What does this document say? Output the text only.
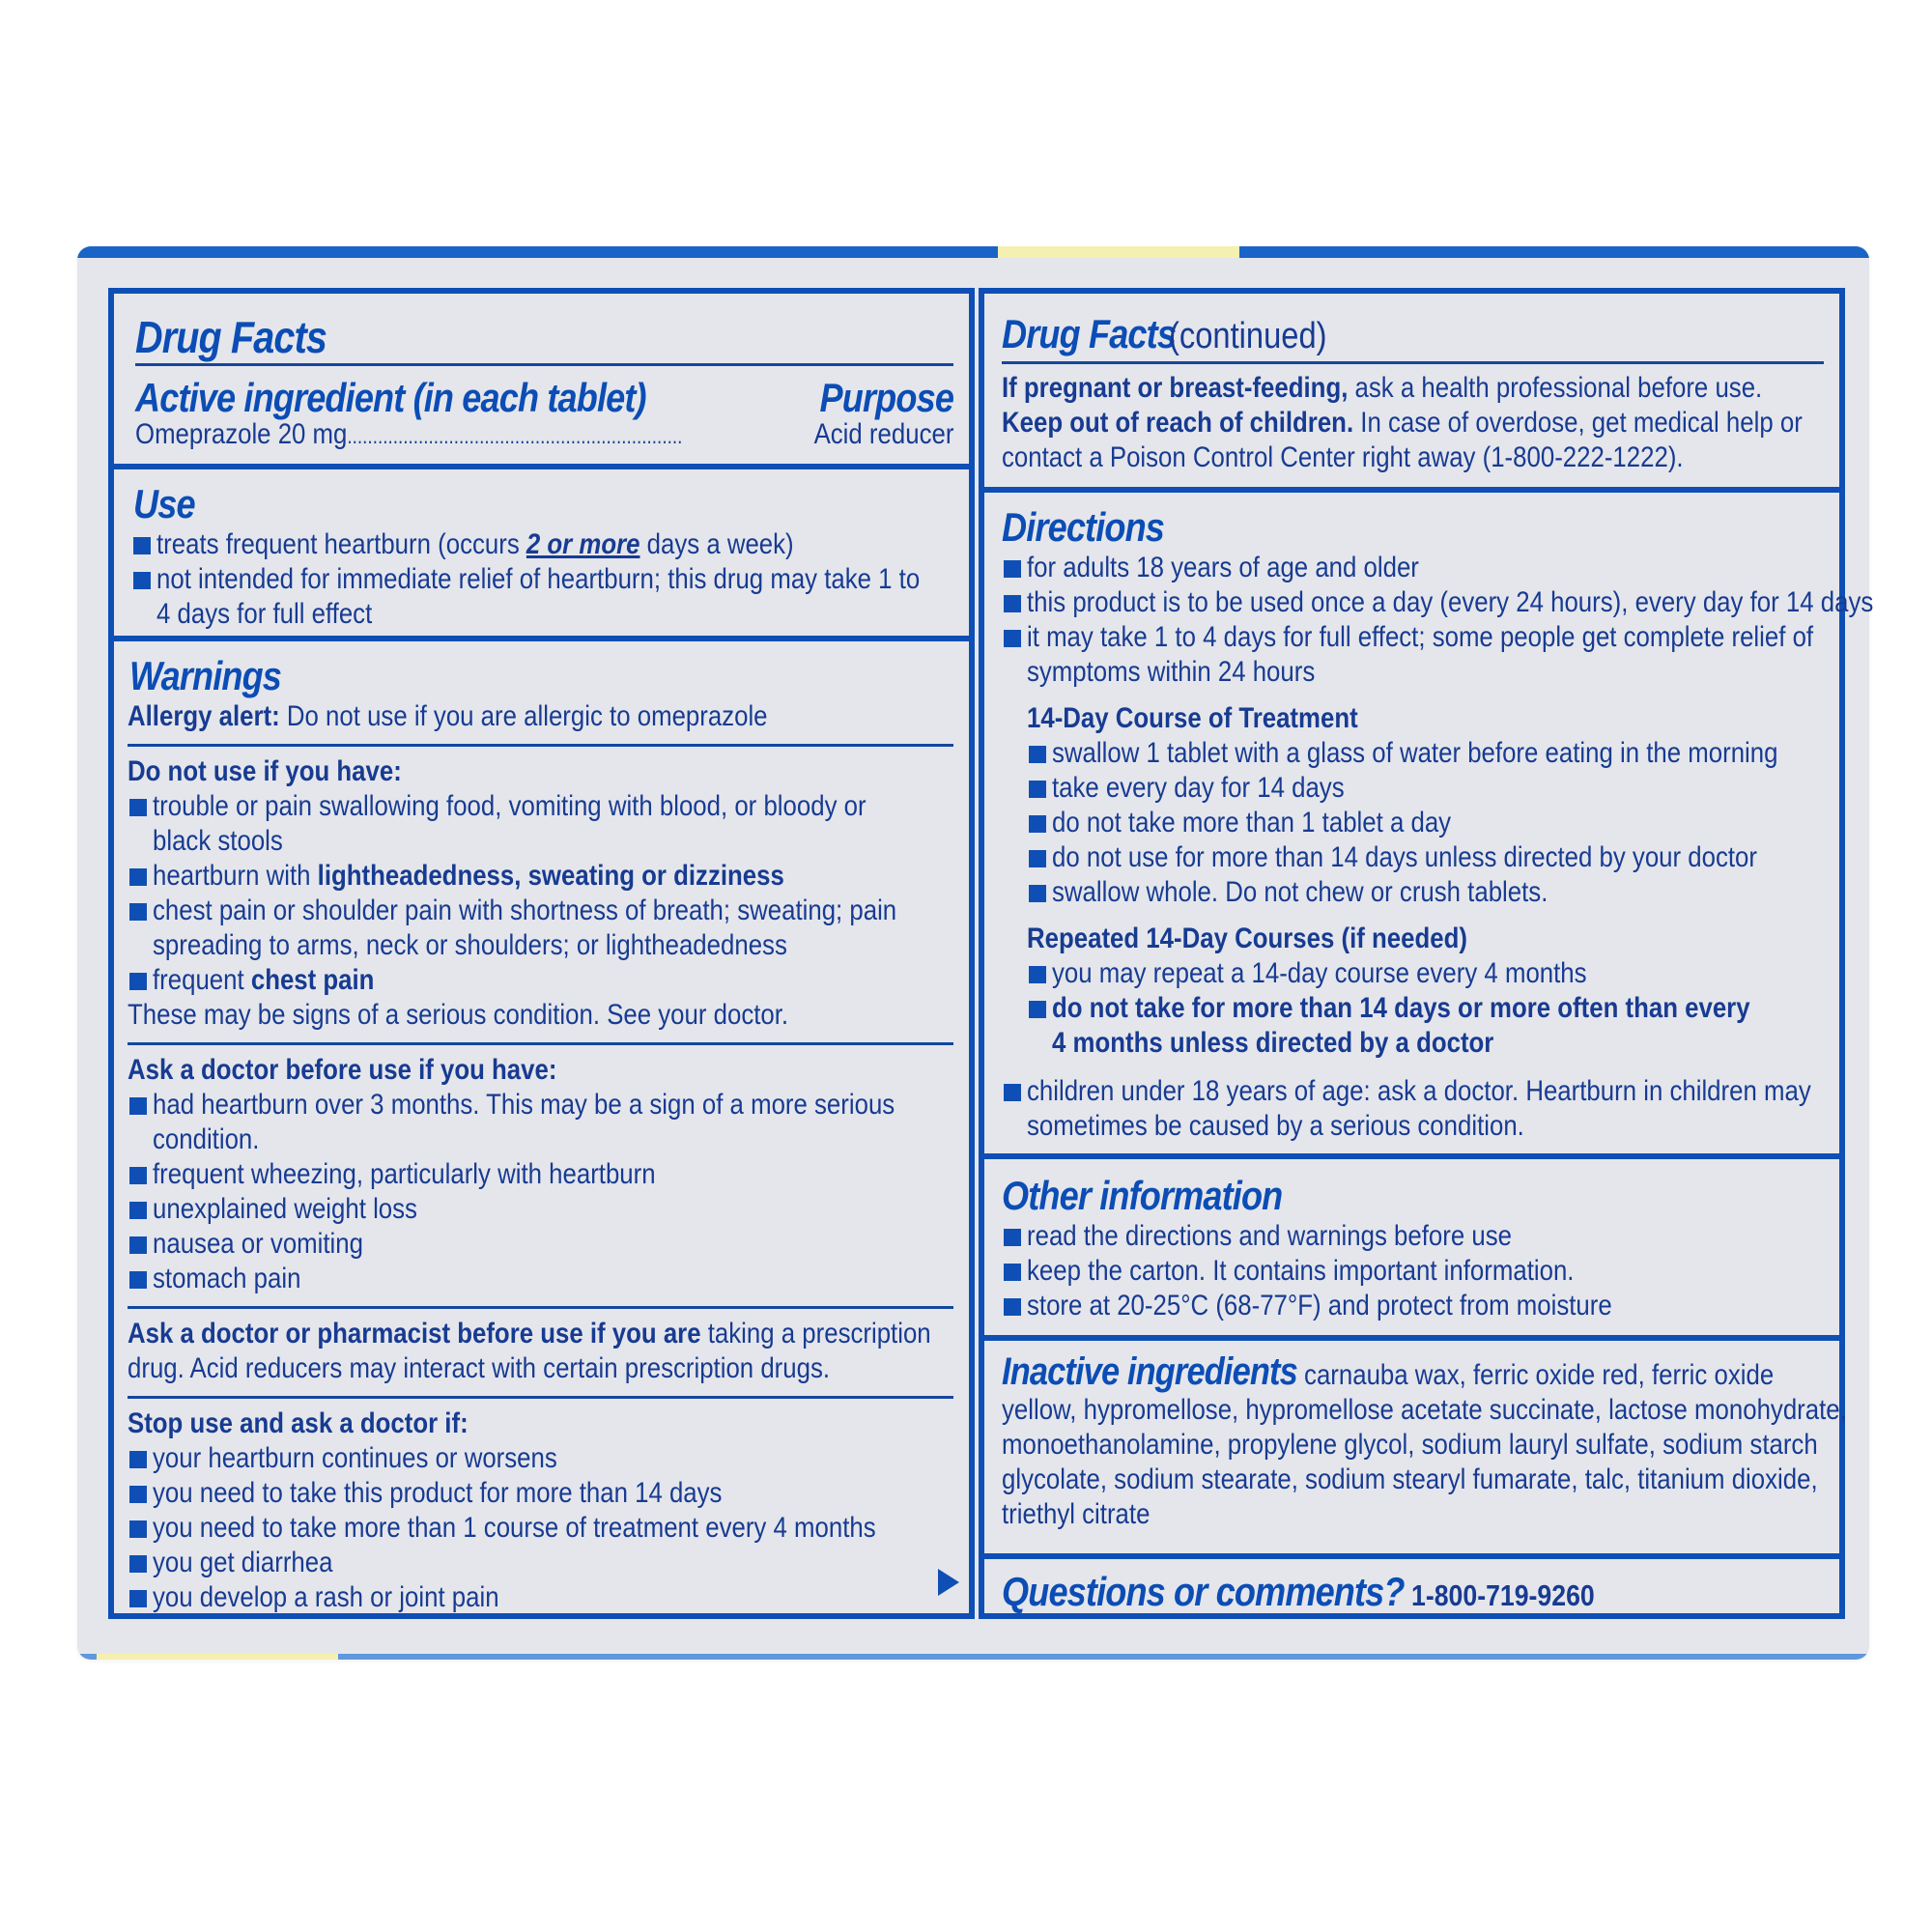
Drug Facts
Active ingredient (in each tablet)	Purpose
Omeprazole 20 mg..................................................................	Acid reducer
Use
treats frequent heartburn (occurs 2 or more days a week)
not intended for immediate relief of heartburn; this drug may take 1 to
4 days for full effect
Warnings
Allergy alert: Do not use if you are allergic to omeprazole
Do not use if you have:
trouble or pain swallowing food, vomiting with blood, or bloody or
black stools
heartburn with lightheadedness, sweating or dizziness
chest pain or shoulder pain with shortness of breath; sweating; pain
spreading to arms, neck or shoulders; or lightheadedness
frequent chest pain
These may be signs of a serious condition. See your doctor.
Ask a doctor before use if you have:
had heartburn over 3 months. This may be a sign of a more serious
condition.
frequent wheezing, particularly with heartburn
unexplained weight loss
nausea or vomiting
stomach pain
Ask a doctor or pharmacist before use if you are taking a prescription
drug. Acid reducers may interact with certain prescription drugs.
Stop use and ask a doctor if:
your heartburn continues or worsens
you need to take this product for more than 14 days
you need to take more than 1 course of treatment every 4 months
you get diarrhea
you develop a rash or joint pain
Drug Facts(continued)
If pregnant or breast-feeding, ask a health professional before use.
Keep out of reach of children. In case of overdose, get medical help or
contact a Poison Control Center right away (1-800-222-1222).
Directions
for adults 18 years of age and older
this product is to be used once a day (every 24 hours), every day for 14 days
it may take 1 to 4 days for full effect; some people get complete relief of
symptoms within 24 hours
14-Day Course of Treatment
swallow 1 tablet with a glass of water before eating in the morning
take every day for 14 days
do not take more than 1 tablet a day
do not use for more than 14 days unless directed by your doctor
swallow whole. Do not chew or crush tablets.
Repeated 14-Day Courses (if needed)
you may repeat a 14-day course every 4 months
do not take for more than 14 days or more often than every
4 months unless directed by a doctor
children under 18 years of age: ask a doctor. Heartburn in children may
sometimes be caused by a serious condition.
Other information
read the directions and warnings before use
keep the carton. It contains important information.
store at 20-25°C (68-77°F) and protect from moisture
Inactive ingredients carnauba wax, ferric oxide red, ferric oxide
yellow, hypromellose, hypromellose acetate succinate, lactose monohydrate,
monoethanolamine, propylene glycol, sodium lauryl sulfate, sodium starch
glycolate, sodium stearate, sodium stearyl fumarate, talc, titanium dioxide,
triethyl citrate
Questions or comments? 1-800-719-9260
